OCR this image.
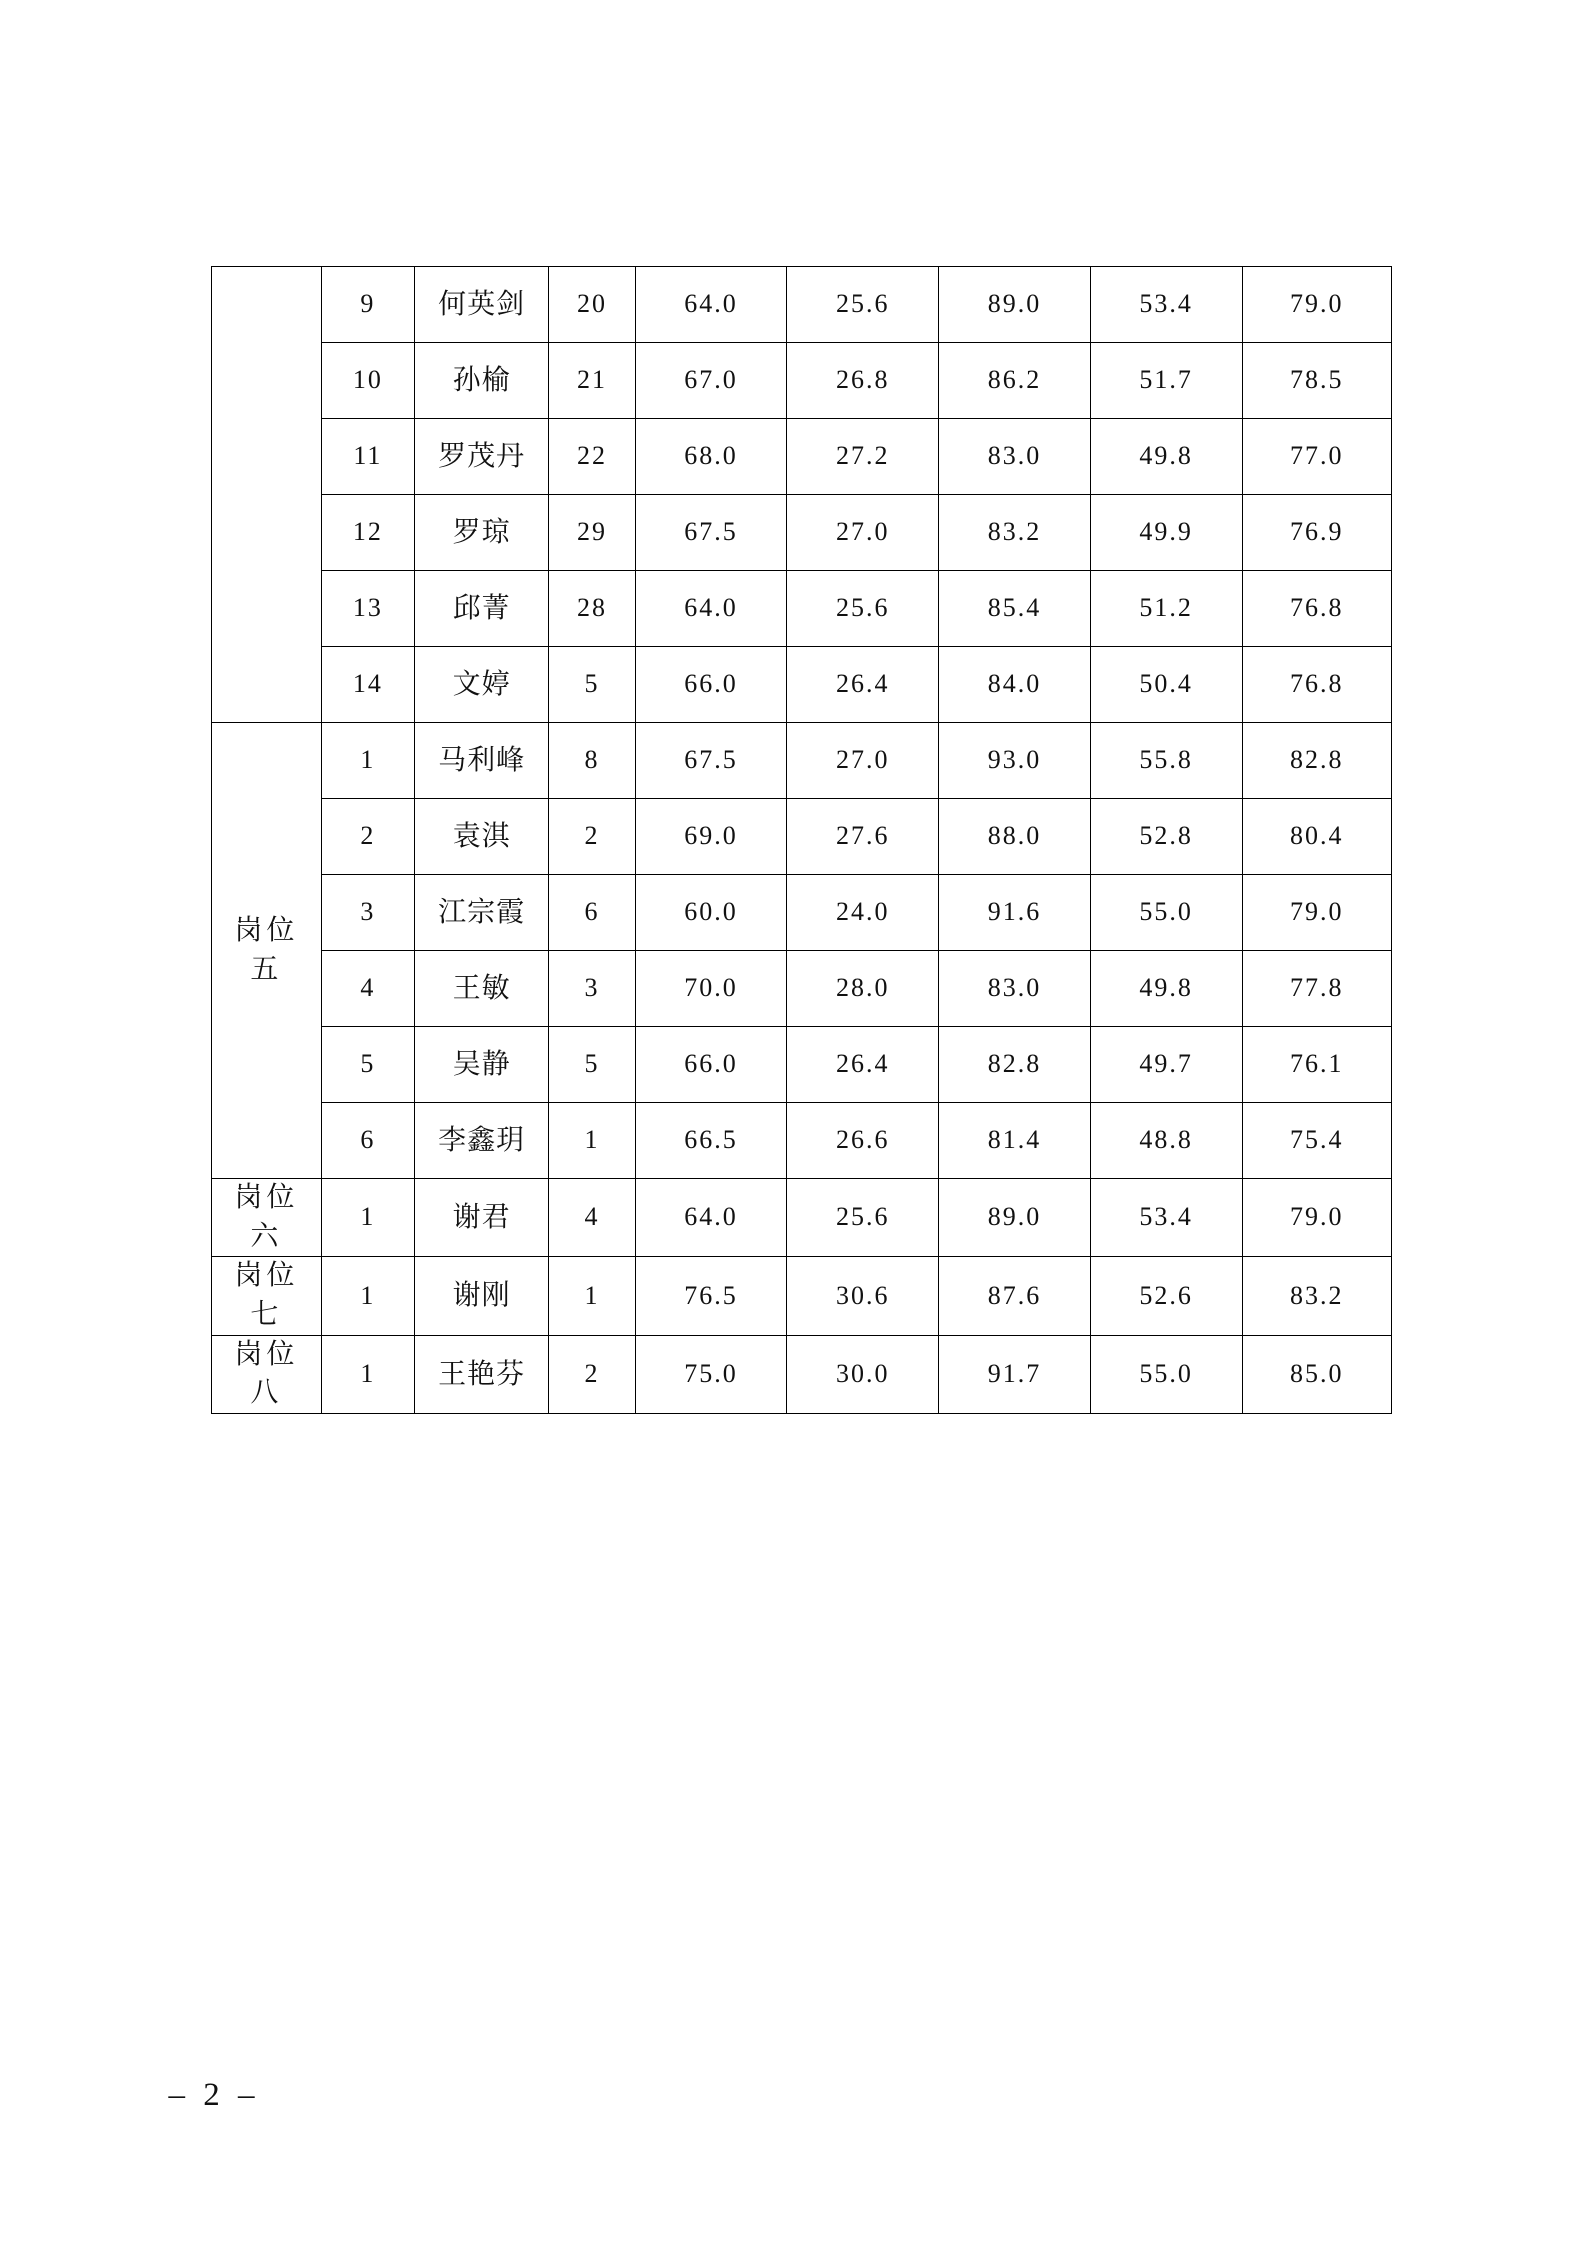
	9	何英剑	20	64.0	25.6	89.0	53.4	79.0
	10	孙榆	21	67.0	26.8	86.2	51.7	78.5
	11	罗茂丹	22	68.0	27.2	83.0	49.8	77.0
	12	罗琼	29	67.5	27.0	83.2	49.9	76.9
	13	邱菁	28	64.0	25.6	85.4	51.2	76.8
	14	文婷	5	66.0	26.4	84.0	50.4	76.8
岗位五	1	马利峰	8	67.5	27.0	93.0	55.8	82.8
	2	袁淇	2	69.0	27.6	88.0	52.8	80.4
	3	江宗霞	6	60.0	24.0	91.6	55.0	79.0
	4	王敏	3	70.0	28.0	83.0	49.8	77.8
	5	吴静	5	66.0	26.4	82.8	49.7	76.1
	6	李鑫玥	1	66.5	26.6	81.4	48.8	75.4
岗位六	1	谢君	4	64.0	25.6	89.0	53.4	79.0
岗位七	1	谢刚	1	76.5	30.6	87.6	52.6	83.2
岗位八	1	王艳芬	2	75.0	30.0	91.7	55.0	85.0
– 2 –
